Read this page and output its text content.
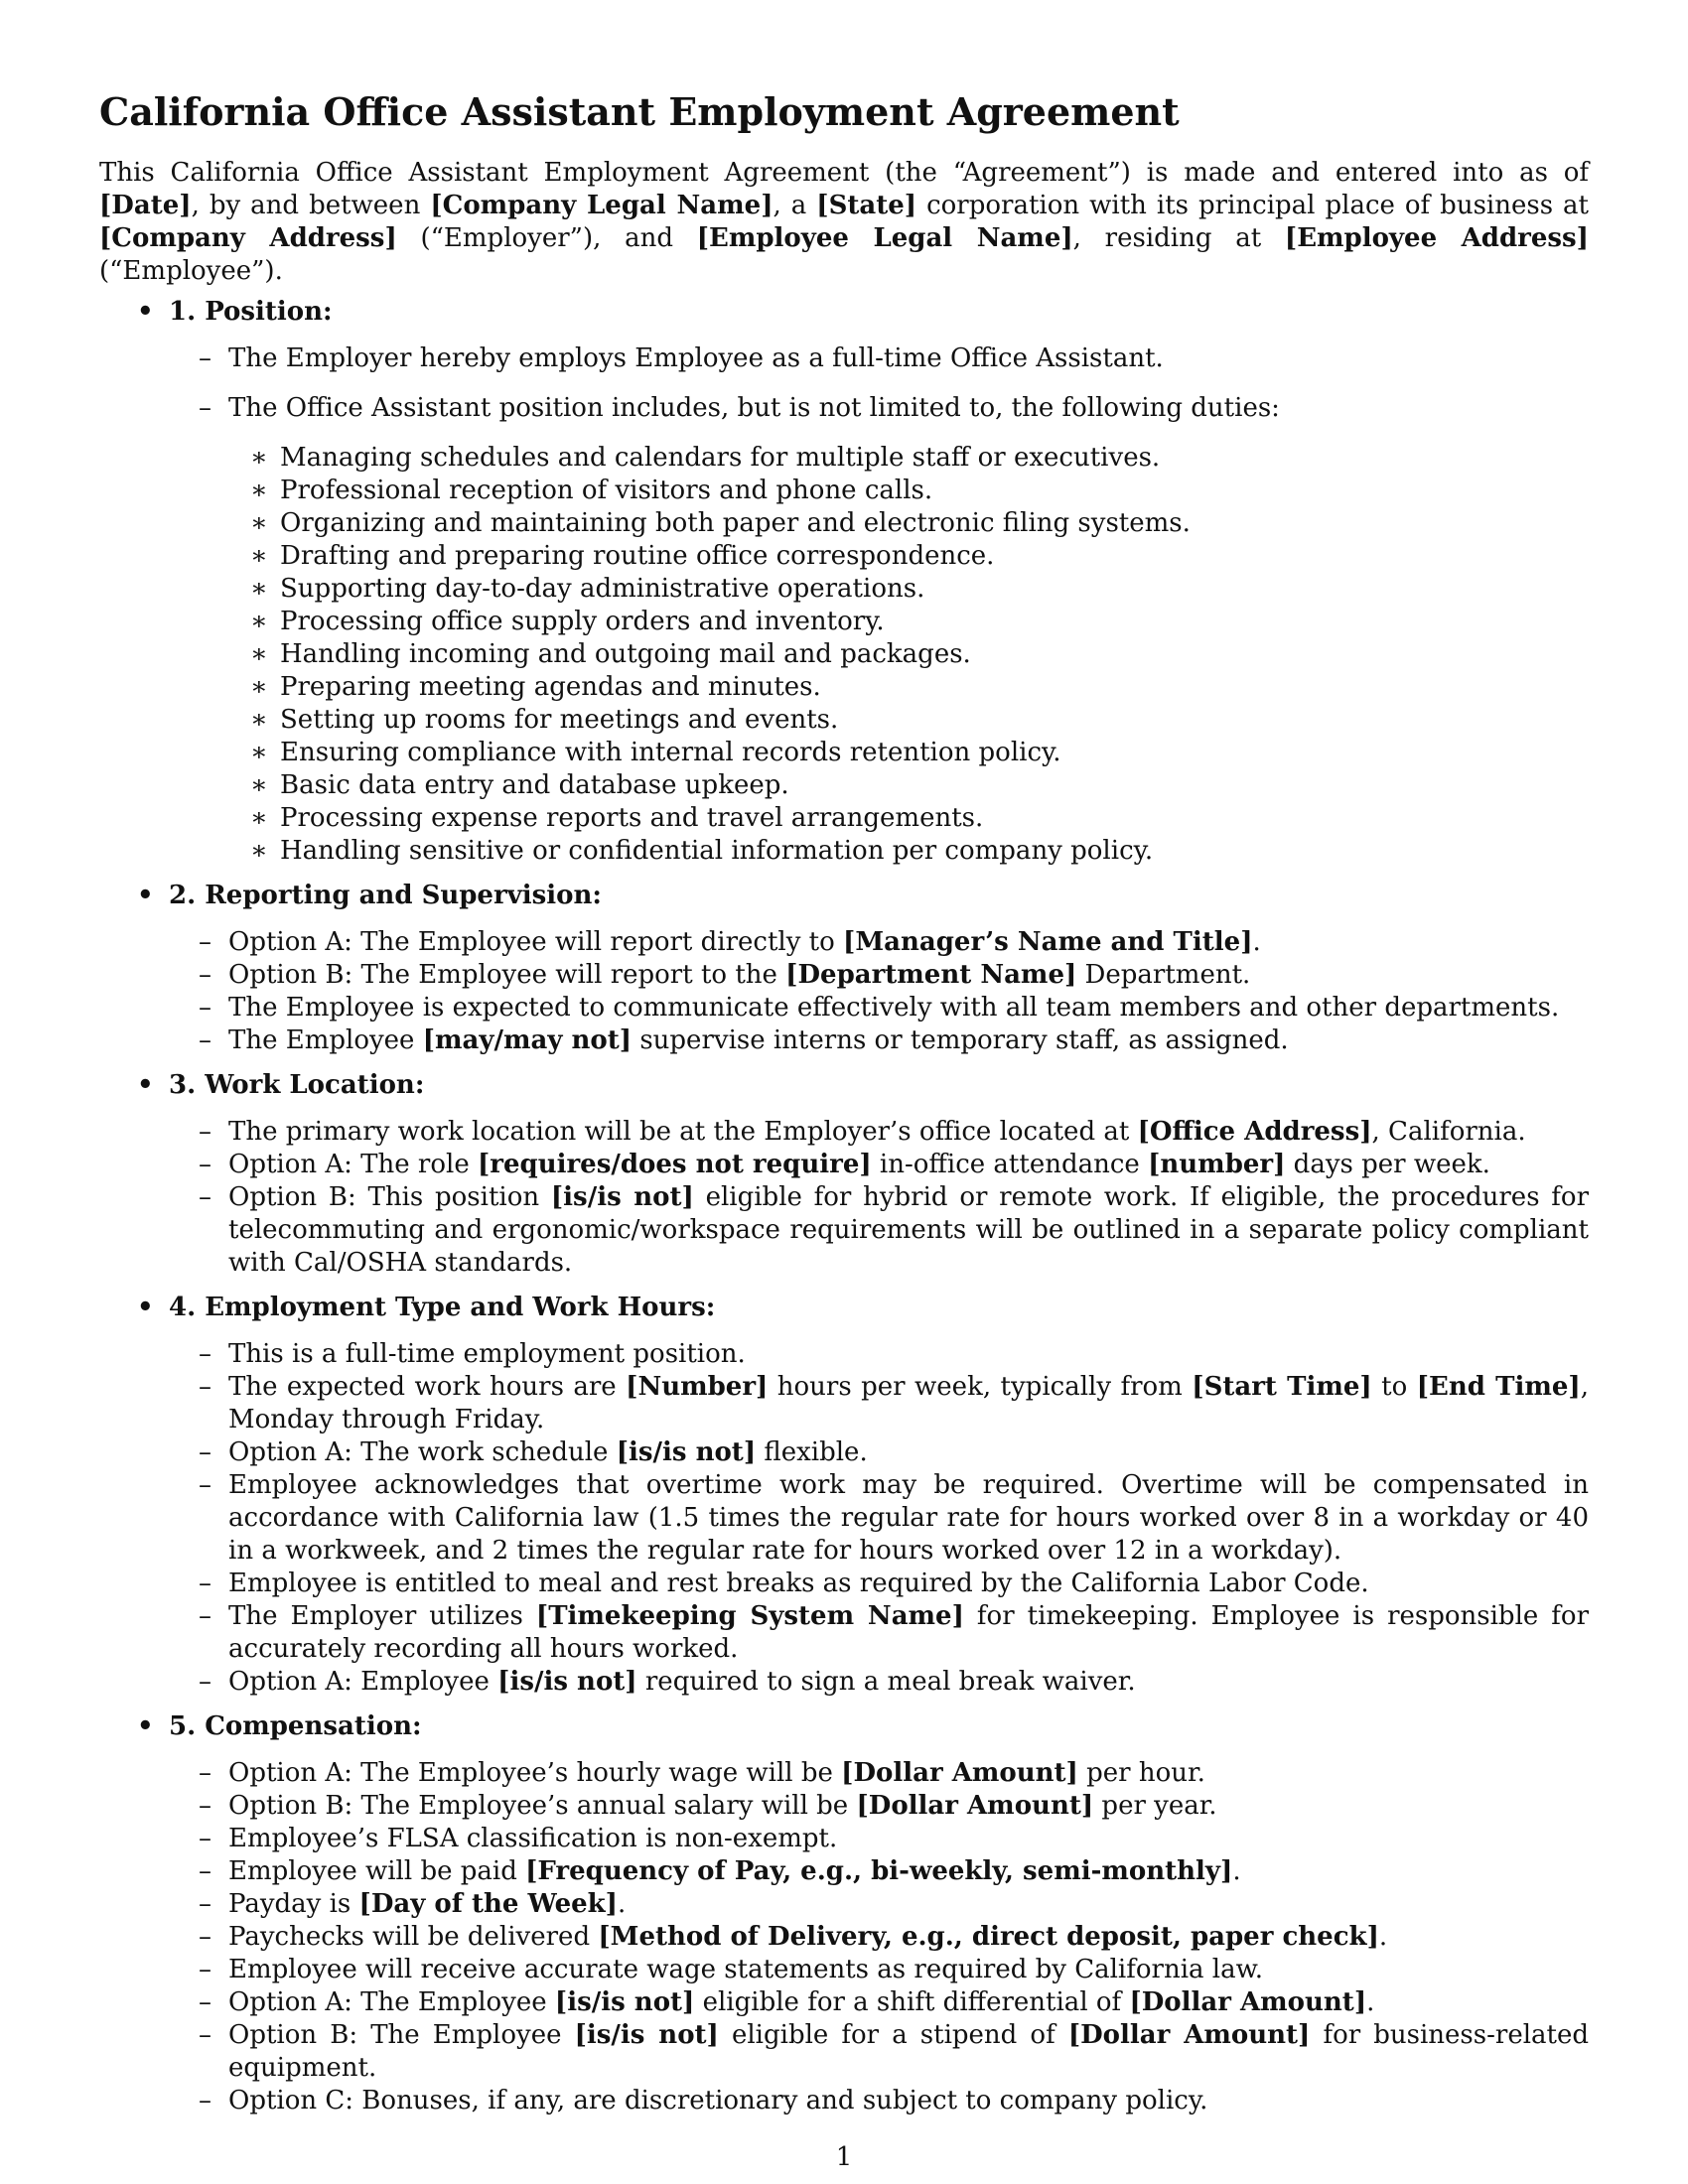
California Office Assistant Employment Agreement

This California Office Assistant Employment Agreement (the “Agreement”) is made and entered into as of [Date], by and between [Company Legal Name], a [State] corporation with its principal place of business at [Company Address] (“Employer”), and [Employee Legal Name], residing at [Employee Address] (“Employee”).

• 1. Position:
– The Employer hereby employs Employee as a full-time Office Assistant.
– The Office Assistant position includes, but is not limited to, the following duties:
∗ Managing schedules and calendars for multiple staff or executives.
∗ Professional reception of visitors and phone calls.
∗ Organizing and maintaining both paper and electronic filing systems.
∗ Drafting and preparing routine office correspondence.
∗ Supporting day-to-day administrative operations.
∗ Processing office supply orders and inventory.
∗ Handling incoming and outgoing mail and packages.
∗ Preparing meeting agendas and minutes.
∗ Setting up rooms for meetings and events.
∗ Ensuring compliance with internal records retention policy.
∗ Basic data entry and database upkeep.
∗ Processing expense reports and travel arrangements.
∗ Handling sensitive or confidential information per company policy.
• 2. Reporting and Supervision:
– Option A: The Employee will report directly to [Manager’s Name and Title].
– Option B: The Employee will report to the [Department Name] Department.
– The Employee is expected to communicate effectively with all team members and other departments.
– The Employee [may/may not] supervise interns or temporary staff, as assigned.
• 3. Work Location:
– The primary work location will be at the Employer’s office located at [Office Address], California.
– Option A: The role [requires/does not require] in-office attendance [number] days per week.
– Option B: This position [is/is not] eligible for hybrid or remote work. If eligible, the procedures for telecommuting and ergonomic/workspace requirements will be outlined in a separate policy compliant with Cal/OSHA standards.
• 4. Employment Type and Work Hours:
– This is a full-time employment position.
– The expected work hours are [Number] hours per week, typically from [Start Time] to [End Time], Monday through Friday.
– Option A: The work schedule [is/is not] flexible.
– Employee acknowledges that overtime work may be required. Overtime will be compensated in accordance with California law (1.5 times the regular rate for hours worked over 8 in a workday or 40 in a workweek, and 2 times the regular rate for hours worked over 12 in a workday).
– Employee is entitled to meal and rest breaks as required by the California Labor Code.
– The Employer utilizes [Timekeeping System Name] for timekeeping. Employee is responsible for accurately recording all hours worked.
– Option A: Employee [is/is not] required to sign a meal break waiver.
• 5. Compensation:
– Option A: The Employee’s hourly wage will be [Dollar Amount] per hour.
– Option B: The Employee’s annual salary will be [Dollar Amount] per year.
– Employee’s FLSA classification is non-exempt.
– Employee will be paid [Frequency of Pay, e.g., bi-weekly, semi-monthly].
– Payday is [Day of the Week].
– Paychecks will be delivered [Method of Delivery, e.g., direct deposit, paper check].
– Employee will receive accurate wage statements as required by California law.
– Option A: The Employee [is/is not] eligible for a shift differential of [Dollar Amount].
– Option B: The Employee [is/is not] eligible for a stipend of [Dollar Amount] for business-related equipment.
– Option C: Bonuses, if any, are discretionary and subject to company policy.
1
